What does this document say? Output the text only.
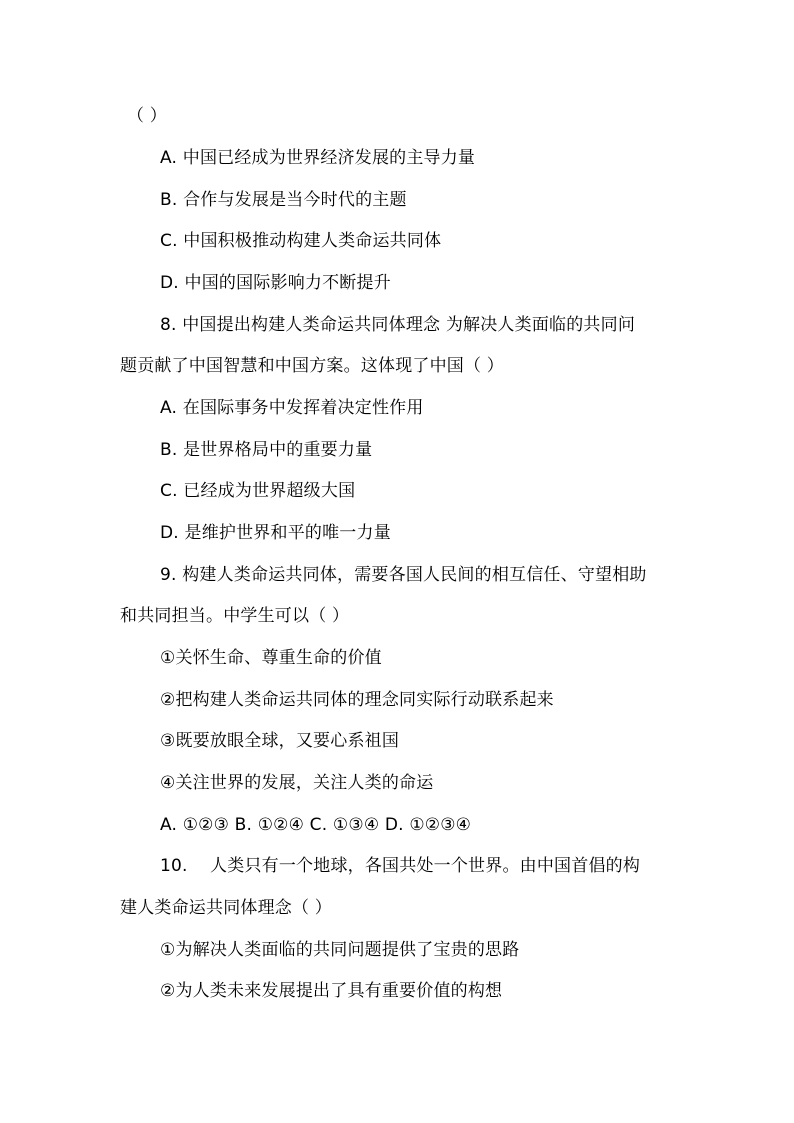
（ ）
A. 中国已经成为世界经济发展的主导力量
B. 合作与发展是当今时代的主题
C. 中国积极推动构建人类命运共同体
D. 中国的国际影响力不断提升
8. 中国提出构建人类命运共同体理念 为解决人类面临的共同问
题贡献了中国智慧和中国方案。这体现了中国（ ）
A. 在国际事务中发挥着决定性作用
B. 是世界格局中的重要力量
C. 已经成为世界超级大国
D. 是维护世界和平的唯一力量
9. 构建人类命运共同体，需要各国人民间的相互信任、守望相助
和共同担当。中学生可以（ ）
①关怀生命、尊重生命的价值
②把构建人类命运共同体的理念同实际行动联系起来
③既要放眼全球，又要心系祖国
④关注世界的发展，关注人类的命运
A. ①②③ B. ①②④ C. ①③④ D. ①②③④
10.    人类只有一个地球，各国共处一个世界。由中国首倡的构
建人类命运共同体理念（ ）
①为解决人类面临的共同问题提供了宝贵的思路
②为人类未来发展提出了具有重要价值的构想
